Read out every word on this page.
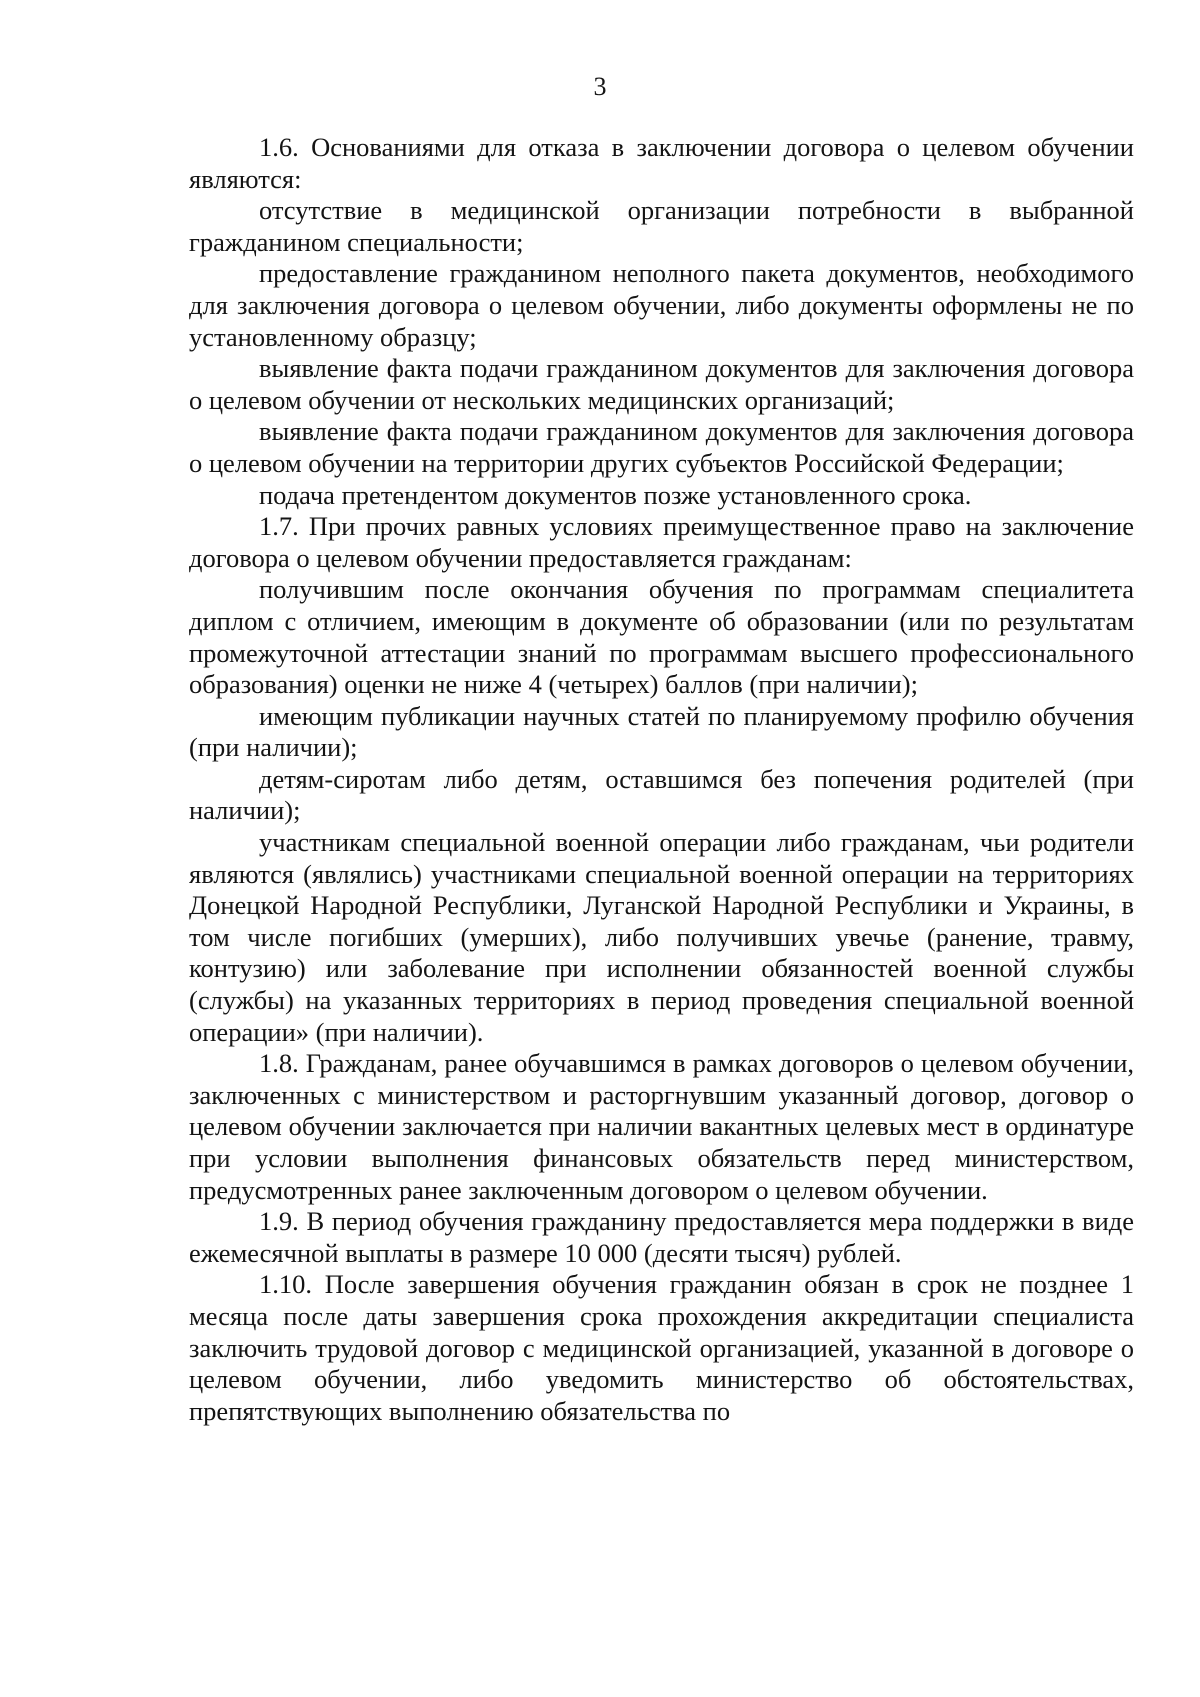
3

1.6. Основаниями для отказа в заключении договора о целевом обучении являются:

отсутствие в медицинской организации потребности в выбранной гражданином специальности;

предоставление гражданином неполного пакета документов, необходимого для заключения договора о целевом обучении, либо документы оформлены не по установленному образцу;

выявление факта подачи гражданином документов для заключения договора о целевом обучении от нескольких медицинских организаций;

выявление факта подачи гражданином документов для заключения договора о целевом обучении на территории других субъектов Российской Федерации;

подача претендентом документов позже установленного срока.

1.7. При прочих равных условиях преимущественное право на заключение договора о целевом обучении предоставляется гражданам:

получившим после окончания обучения по программам специалитета диплом с отличием, имеющим в документе об образовании (или по результатам промежуточной аттестации знаний по программам высшего профессионального образования) оценки не ниже 4 (четырех) баллов (при наличии);

имеющим публикации научных статей по планируемому профилю обучения (при наличии);

детям-сиротам либо детям, оставшимся без попечения родителей (при наличии);

участникам специальной военной операции либо гражданам, чьи родители являются (являлись) участниками специальной военной операции на территориях Донецкой Народной Республики, Луганской Народной Республики и Украины, в том числе погибших (умерших), либо получивших увечье (ранение, травму, контузию) или заболевание при исполнении обязанностей военной службы (службы) на указанных территориях в период проведения специальной военной операции» (при наличии).

1.8. Гражданам, ранее обучавшимся в рамках договоров о целевом обучении, заключенных с министерством и расторгнувшим указанный договор, договор о целевом обучении заключается при наличии вакантных целевых мест в ординатуре при условии выполнения финансовых обязательств перед министерством, предусмотренных ранее заключенным договором о целевом обучении.

1.9. В период обучения гражданину предоставляется мера поддержки в виде ежемесячной выплаты в размере 10 000 (десяти тысяч) рублей.

1.10. После завершения обучения гражданин обязан в срок не позднее 1 месяца после даты завершения срока прохождения аккредитации специалиста заключить трудовой договор с медицинской организацией, указанной в договоре о целевом обучении, либо уведомить министерство об обстоятельствах, препятствующих выполнению обязательства по
